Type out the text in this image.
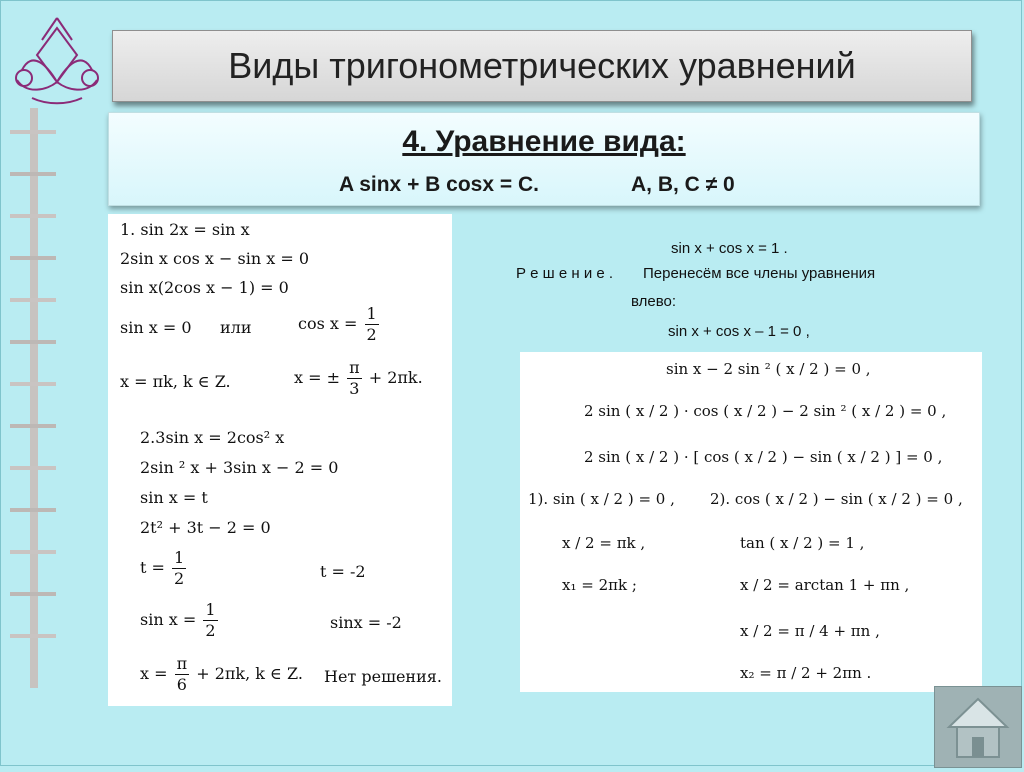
Виды тригонометрических уравнений
4. Уравнение вида:
A sinx + B cosx = C.	A, B, C ≠ 0
1. sin 2x = sin x
2sin x cos x − sin x = 0
sin x(2cos x − 1) = 0
sin x = 0 или	$\cos x = \frac{1}{2}$
x = πk, k ∈ Z.	x = ± $\frac{\pi}{3} + 2\pi k$.
2.3sin x = 2cos² x
2sin ² x + 3sin x − 2 = 0
sin x = t
2t² + 3t − 2 = 0
$t = \frac{1}{2}$	t = -2
$\sin x = \frac{1}{2}$	sinx = -2
$x = \frac{\pi}{6} + 2\pi k$, k ∈ Z. Нет решения.
sin x + cos x = 1 .
Р е ш е н и е . Перенесём все члены уравнения
влево:
sin x + cos x – 1 = 0 ,
sin x − 2 sin ² ( x / 2 ) = 0 ,
2 sin ( x / 2 ) · cos ( x / 2 ) − 2 sin ² ( x / 2 ) = 0 ,
2 sin ( x / 2 ) · [ cos ( x / 2 ) − sin ( x / 2 ) ] = 0 ,
1). sin ( x / 2 ) = 0 , 2). cos ( x / 2 ) − sin ( x / 2 ) = 0 ,
x / 2 = πk ,	tan ( x / 2 ) = 1 ,
x₁ = 2πk ;	x / 2 = arctan 1 + πn ,
x / 2 = π / 4 + πn ,
x₂ = π / 2 + 2πn .
